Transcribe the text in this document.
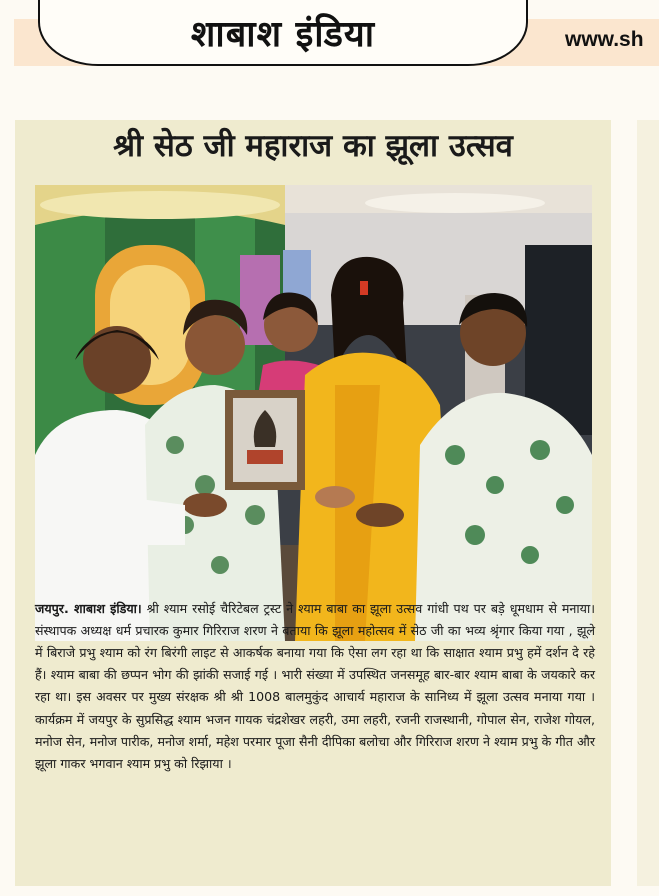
शाबाश इंडिया	www.sh
श्री सेठ जी महाराज का झूला उत्सव

जयपुर. शाबाश इंडिया। श्री श्याम रसोई चैरिटेबल ट्रस्ट ने श्याम बाबा का झूला उत्सव गांधी पथ पर बड़े धूमधाम से मनाया। संस्थापक अध्यक्ष धर्म प्रचारक कुमार गिरिराज शरण ने बताया कि झूला महोत्सव में सेठ जी का भव्य श्रृंगार किया गया , झूले में बिराजे प्रभु श्याम को रंग बिरंगी लाइट से आकर्षक बनाया गया कि ऐसा लग रहा था कि साक्षात श्याम प्रभु हमें दर्शन दे रहे हैं। श्याम बाबा की छप्पन भोग की झांकी सजाई गई । भारी संख्या में उपस्थित जनसमूह बार-बार श्याम बाबा के जयकारे कर रहा था। इस अवसर पर मुख्य संरक्षक श्री श्री 1008 बालमुकुंद आचार्य महाराज के सानिध्य में झूला उत्सव मनाया गया । कार्यक्रम में जयपुर के सुप्रसिद्ध श्याम भजन गायक चंद्रशेखर लहरी, उमा लहरी, रजनी राजस्थानी, गोपाल सेन, राजेश गोयल, मनोज सेन, मनोज पारीक, मनोज शर्मा, महेश परमार पूजा सैनी दीपिका बलोचा और गिरिराज शरण ने श्याम प्रभु के गीत और झूला गाकर भगवान श्याम प्रभु को रिझाया ।
